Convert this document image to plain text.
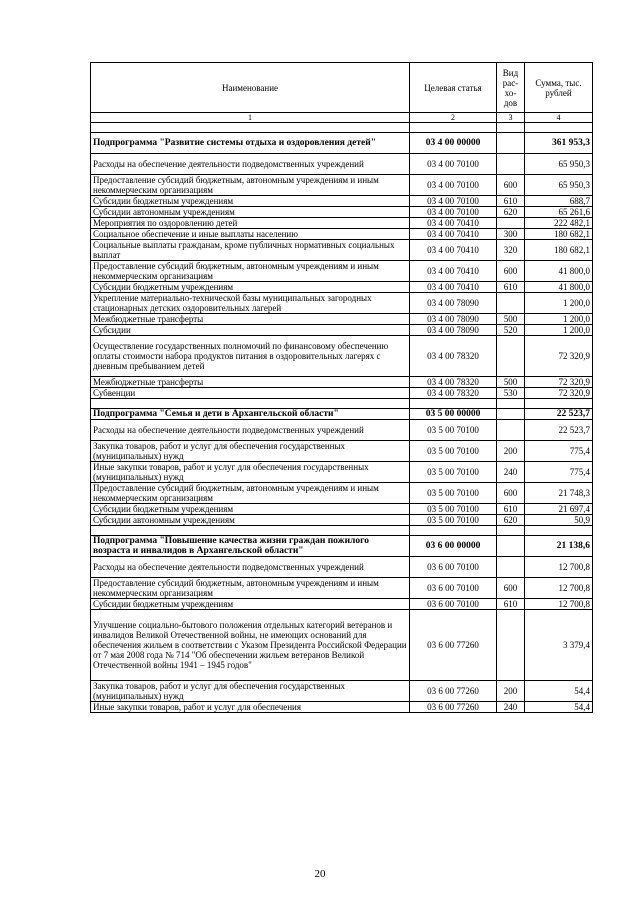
Наименование	Целевая статья	Вид рас-хо-дов	Сумма, тыс. рублей
1	2	3	4

Подпрограмма "Развитие системы отдыха и оздоровления детей"	03 4 00 00000		361 953,3
Расходы на обеспечение деятельности подведомственных учреждений	03 4 00 70100		65 950,3
Предоставление субсидий бюджетным, автономным учреждениям и иным некоммерческим организациям	03 4 00 70100	600	65 950,3
Субсидии бюджетным учреждениям	03 4 00 70100	610	688,7
Субсидии автономным учреждениям	03 4 00 70100	620	65 261,6
Мероприятия по оздоровлению детей	03 4 00 70410		222 482,1
Социальное обеспечение и иные выплаты населению	03 4 00 70410	300	180 682,1
Социальные выплаты гражданам, кроме публичных нормативных социальных выплат	03 4 00 70410	320	180 682,1
Предоставление субсидий бюджетным, автономным учреждениям и иным некоммерческим организациям	03 4 00 70410	600	41 800,0
Субсидии бюджетным учреждениям	03 4 00 70410	610	41 800,0
Укрепление материально-технической базы муниципальных загородных стационарных детских оздоровительных лагерей	03 4 00 78090		1 200,0
Межбюджетные трансферты	03 4 00 78090	500	1 200,0
Субсидии	03 4 00 78090	520	1 200,0
Осуществление государственных полномочий по финансовому обеспечению оплаты стоимости набора продуктов питания в оздоровительных лагерях с дневным пребыванием детей	03 4 00 78320		72 320,9
Межбюджетные трансферты	03 4 00 78320	500	72 320,9
Субвенции	03 4 00 78320	530	72 320,9

Подпрограмма "Семья и дети в Архангельской области"	03 5 00 00000		22 523,7
Расходы на обеспечение деятельности подведомственных учреждений	03 5 00 70100		22 523,7
Закупка товаров, работ и услуг для обеспечения государственных (муниципальных) нужд	03 5 00 70100	200	775,4
Иные закупки товаров, работ и услуг для обеспечения государственных (муниципальных) нужд	03 5 00 70100	240	775,4
Предоставление субсидий бюджетным, автономным учреждениям и иным некоммерческим организациям	03 5 00 70100	600	21 748,3
Субсидии бюджетным учреждениям	03 5 00 70100	610	21 697,4
Субсидии автономным учреждениям	03 5 00 70100	620	50,9

Подпрограмма "Повышение качества жизни граждан пожилого возраста и инвалидов в Архангельской области"	03 6 00 00000		21 138,6
Расходы на обеспечение деятельности подведомственных учреждений	03 6 00 70100		12 700,8
Предоставление субсидий бюджетным, автономным учреждениям и иным некоммерческим организациям	03 6 00 70100	600	12 700,8
Субсидии бюджетным учреждениям	03 6 00 70100	610	12 700,8
Улучшение социально-бытового положения отдельных категорий ветеранов и инвалидов Великой Отечественной войны, не имеющих оснований для обеспечения жильем в соответствии с Указом Президента Российской Федерации от 7 мая 2008 года № 714 "Об обеспечении жильем ветеранов Великой Отечественной войны 1941 – 1945 годов"	03 6 00 77260		3 379,4
Закупка товаров, работ и услуг для обеспечения государственных (муниципальных) нужд	03 6 00 77260	200	54,4
Иные закупки товаров, работ и услуг для обеспечения	03 6 00 77260	240	54,4
20
